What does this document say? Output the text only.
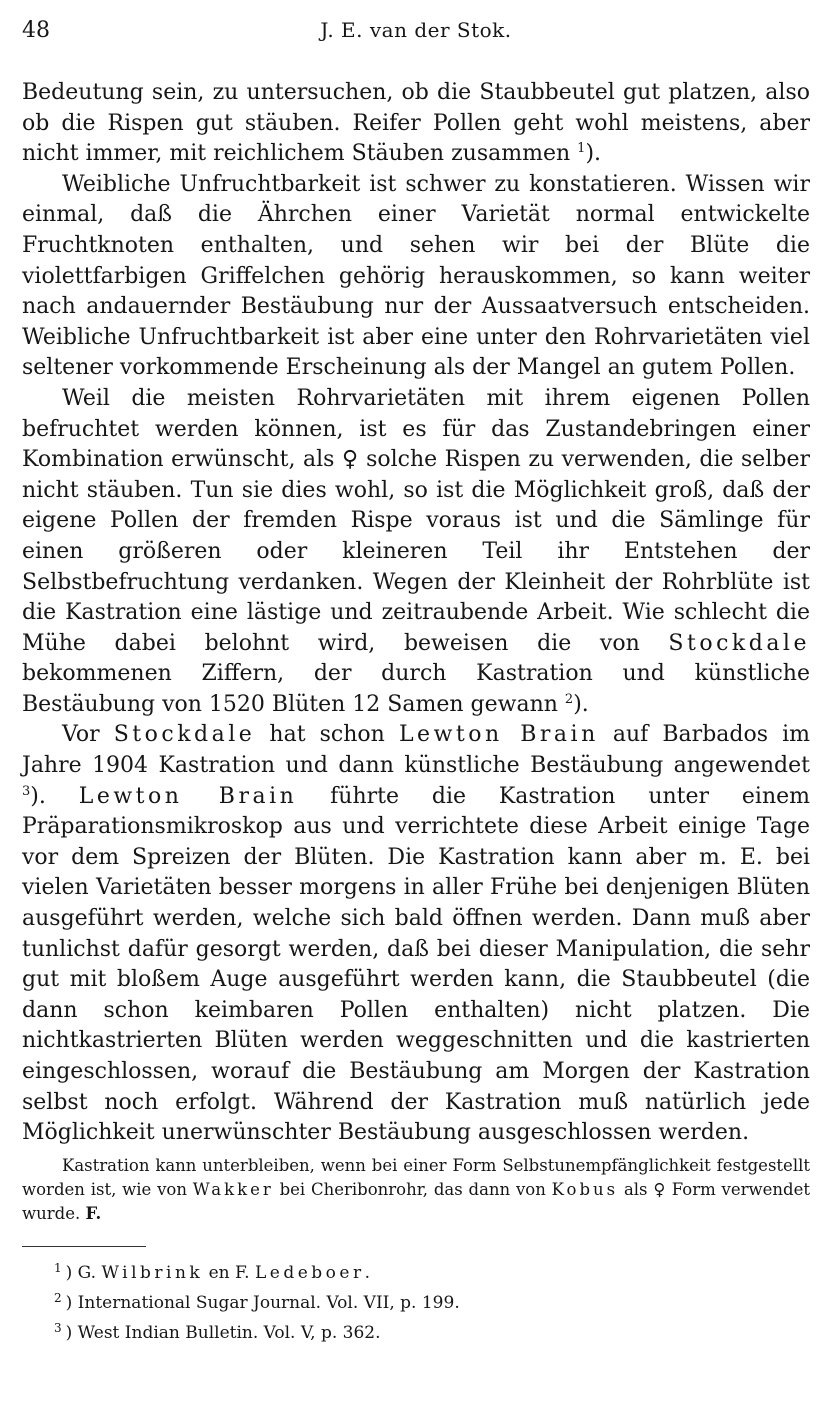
48	J. E. van der Stok.

Bedeutung sein, zu untersuchen, ob die Staubbeutel gut platzen, also ob die Rispen gut stäuben. Reifer Pollen geht wohl meistens, aber nicht immer, mit reichlichem Stäuben zusammen $^1$).

Weibliche Unfruchtbarkeit ist schwer zu konstatieren. Wissen wir einmal, daß die Ährchen einer Varietät normal entwickelte Fruchtknoten enthalten, und sehen wir bei der Blüte die violettfarbigen Griffelchen gehörig herauskommen, so kann weiter nach andauernder Bestäubung nur der Aussaatversuch entscheiden. Weibliche Unfruchtbarkeit ist aber eine unter den Rohrvarietäten viel seltener vorkommende Erscheinung als der Mangel an gutem Pollen.

Weil die meisten Rohrvarietäten mit ihrem eigenen Pollen befruchtet werden können, ist es für das Zustandebringen einer Kombination erwünscht, als ♀ solche Rispen zu verwenden, die selber nicht stäuben. Tun sie dies wohl, so ist die Möglichkeit groß, daß der eigene Pollen der fremden Rispe voraus ist und die Sämlinge für einen größeren oder kleineren Teil ihr Entstehen der Selbstbefruchtung verdanken. Wegen der Kleinheit der Rohrblüte ist die Kastration eine lästige und zeitraubende Arbeit. Wie schlecht die Mühe dabei belohnt wird, beweisen die von Stockdale bekommenen Ziffern, der durch Kastration und künstliche Bestäubung von 1520 Blüten 12 Samen gewann $^2$).

Vor Stockdale hat schon Lewton Brain auf Barbados im Jahre 1904 Kastration und dann künstliche Bestäubung angewendet $^3$). Lewton Brain führte die Kastration unter einem Präparationsmikroskop aus und verrichtete diese Arbeit einige Tage vor dem Spreizen der Blüten. Die Kastration kann aber m. E. bei vielen Varietäten besser morgens in aller Frühe bei denjenigen Blüten ausgeführt werden, welche sich bald öffnen werden. Dann muß aber tunlichst dafür gesorgt werden, daß bei dieser Manipulation, die sehr gut mit bloßem Auge ausgeführt werden kann, die Staubbeutel (die dann schon keimbaren Pollen enthalten) nicht platzen. Die nichtkastrierten Blüten werden weggeschnitten und die kastrierten eingeschlossen, worauf die Bestäubung am Morgen der Kastration selbst noch erfolgt. Während der Kastration muß natürlich jede Möglichkeit unerwünschter Bestäubung ausgeschlossen werden.

Kastration kann unterbleiben, wenn bei einer Form Selbstunempfänglichkeit festgestellt worden ist, wie von Wakker bei Cheribonrohr, das dann von Kobus als ♀ Form verwendet wurde. F.
$^1$ ) G. Wilbrink en F. Ledeboer.
$^2$ ) International Sugar Journal. Vol. VII, p. 199.
$^3$ ) West Indian Bulletin. Vol. V, p. 362.
